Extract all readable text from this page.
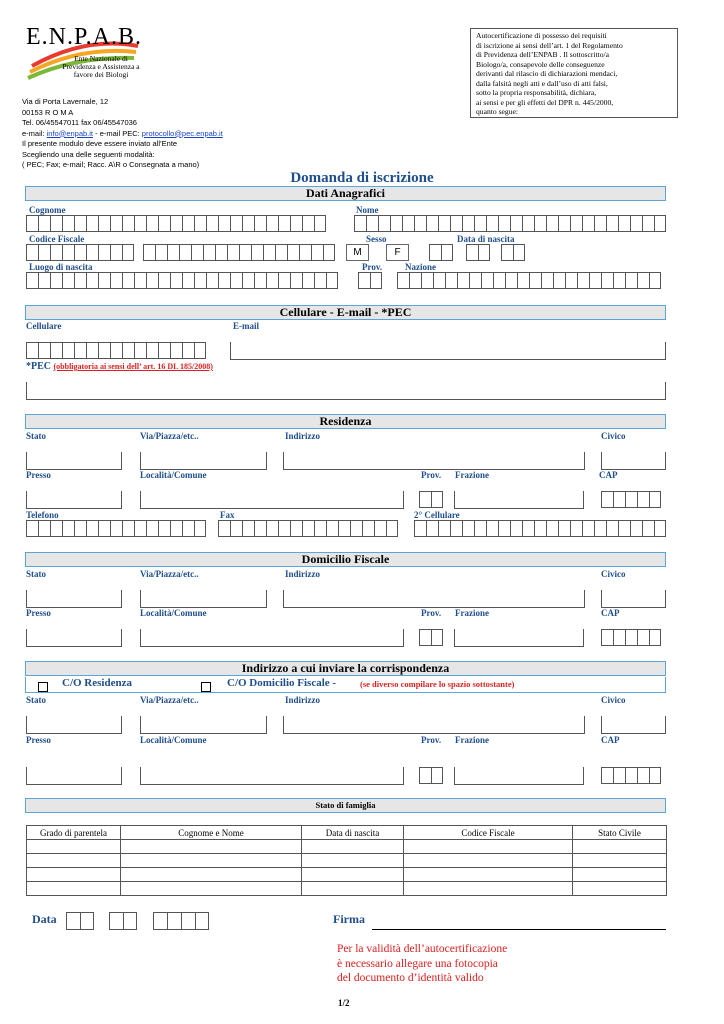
E.N.P.A.B.
Ente Nazionale di
Previdenza e Assistenza a
favore dei Biologi
Via di Porta Lavernale, 12
00153 R O M A
Tel. 06/45547011 fax 06/45547036
e-mail: info@enpab.it - e-mail PEC: protocollo@pec.enpab.it
Il presente modulo deve essere inviato all’Ente
Scegliendo una delle seguenti modalità:
( PEC; Fax; e-mail; Racc. A\R o Consegnata a mano)
Autocertificazione di possesso dei requisiti
di iscrizione ai sensi dell’art. 1 del Regolamento
di Previdenza dell’ENPAB . Il sottoscritto/a
Biologo/a, consapevole delle conseguenze
derivanti dal rilascio di dichiarazioni mendaci,
dalla falsità negli atti e dall’uso di atti falsi,
sotto la propria responsabilità, dichiara,
ai sensi e per gli effetti del DPR n. 445/2000,
quanto segue:
Domanda di iscrizione
Dati Anagrafici
Cognome	Nome
Codice Fiscale	Sesso	Data di nascita
M	F
Luogo di nascita	Prov.	Nazione
Cellulare - E-mail - *PEC
Cellulare	E-mail
*PEC (obbligatoria ai sensi dell’ art. 16 DL 185/2008)
Residenza
Stato	Via/Piazza/etc..	Indirizzo	Civico
Presso	Località/Comune	Prov. Frazione	CAP
Telefono	Fax	2° Cellulare
Domicilio Fiscale
Stato	Via/Piazza/etc..	Indirizzo	Civico
Presso	Località/Comune	Prov. Frazione	CAP
Indirizzo a cui inviare la corrispondenza
C/O Residenza	C/O Domicilio Fiscale -	(se diverso compilare lo spazio sottostante)
Stato	Via/Piazza/etc..	Indirizzo	Civico
Presso	Località/Comune	Prov. Frazione	CAP
Stato di famiglia
Grado di parentela	Cognome e Nome	Data di nascita	Codice Fiscale	Stato Civile

Data	Firma
Per la validità dell’autocertificazione
è necessario allegare una fotocopia
del documento d’identità valido
1/2
